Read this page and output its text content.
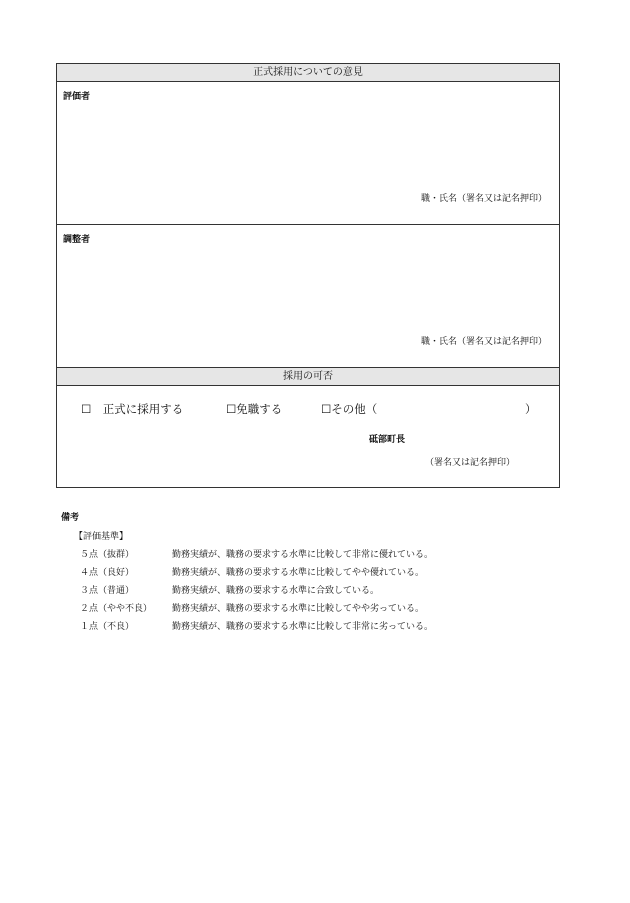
正式採用についての意見
評価者
職・氏名（署名又は記名押印）
調整者
職・氏名（署名又は記名押印）
採用の可否
☐　正式に採用する	☐免職する	☐その他（	）
砥部町長
（署名又は記名押印）
備考
【評価基準】
５点（抜群）	勤務実績が、職務の要求する水準に比較して非常に優れている。
４点（良好）	勤務実績が、職務の要求する水準に比較してやや優れている。
３点（普通）	勤務実績が、職務の要求する水準に合致している。
２点（やや不良）	勤務実績が、職務の要求する水準に比較してやや劣っている。
１点（不良）	勤務実績が、職務の要求する水準に比較して非常に劣っている。
